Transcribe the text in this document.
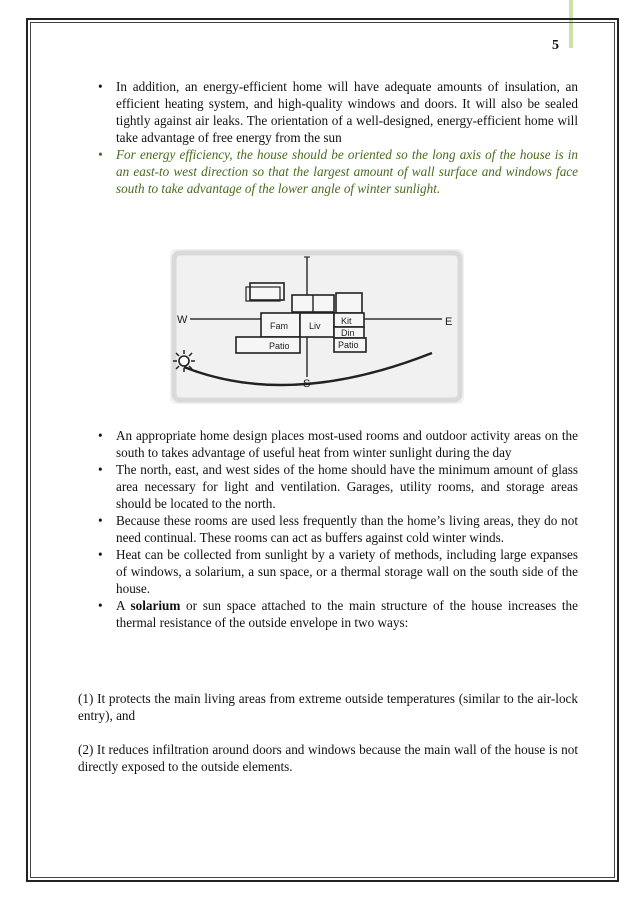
5
• In addition, an energy-efficient home will have adequate amounts of insulation, an efficient heating system, and high-quality windows and doors. It will also be sealed tightly against air leaks. The orientation of a well-designed, energy-efficient home will take advantage of free energy from the sun
• For energy efficiency, the house should be oriented so the long axis of the house is in an east-to west direction so that the largest amount of wall surface and windows face south to take advantage of the lower angle of winter sunlight.
W	E
S
Fam Liv Kit
Din
Patio	Patio
• An appropriate home design places most-used rooms and outdoor activity areas on the south to takes advantage of useful heat from winter sunlight during the day
• The north, east, and west sides of the home should have the minimum amount of glass area necessary for light and ventilation. Garages, utility rooms, and storage areas should be located to the north.
• Because these rooms are used less frequently than the home’s living areas, they do not need continual. These rooms can act as buffers against cold winter winds.
• Heat can be collected from sunlight by a variety of methods, including large expanses of windows, a solarium, a sun space, or a thermal storage wall on the south side of the house.
• A solarium or sun space attached to the main structure of the house increases the thermal resistance of the outside envelope in two ways:

(1) It protects the main living areas from extreme outside temperatures (similar to the air-lock entry), and

(2) It reduces infiltration around doors and windows because the main wall of the house is not directly exposed to the outside elements.
